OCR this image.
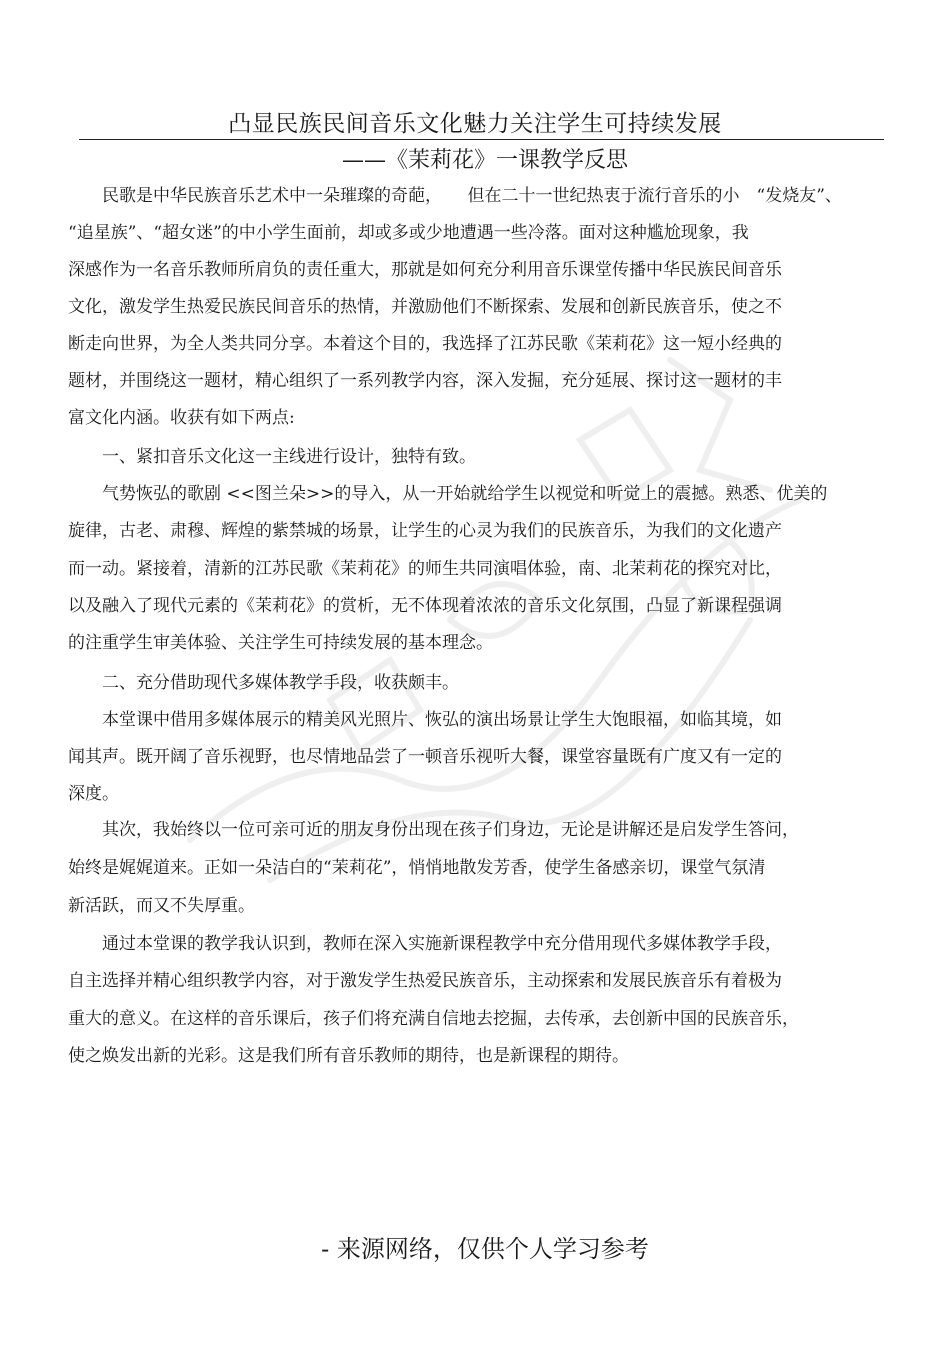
凸显民族民间音乐文化魅力关注学生可持续发展
——《茉莉花》一课教学反思
　　民歌是中华民族音乐艺术中一朵璀璨的奇葩，　　但在二十一世纪热衷于流行音乐的小　“发烧友”、
“追星族”、“超女迷”的中小学生面前，却或多或少地遭遇一些冷落。面对这种尴尬现象，我
深感作为一名音乐教师所肩负的责任重大，那就是如何充分利用音乐课堂传播中华民族民间音乐
文化，激发学生热爱民族民间音乐的热情，并激励他们不断探索、发展和创新民族音乐，使之不
断走向世界，为全人类共同分享。本着这个目的，我选择了江苏民歌《茉莉花》这一短小经典的
题材，并围绕这一题材，精心组织了一系列教学内容，深入发掘，充分延展、探讨这一题材的丰
富文化内涵。收获有如下两点:
　　一、紧扣音乐文化这一主线进行设计，独特有致。
　　气势恢弘的歌剧 <<图兰朵>>的导入，从一开始就给学生以视觉和听觉上的震撼。熟悉、优美的
旋律，古老、肃穆、辉煌的紫禁城的场景，让学生的心灵为我们的民族音乐，为我们的文化遗产
而一动。紧接着，清新的江苏民歌《茉莉花》的师生共同演唱体验，南、北茉莉花的探究对比，
以及融入了现代元素的《茉莉花》的赏析，无不体现着浓浓的音乐文化氛围，凸显了新课程强调
的注重学生审美体验、关注学生可持续发展的基本理念。
　　二、充分借助现代多媒体教学手段，收获颇丰。
　　本堂课中借用多媒体展示的精美风光照片、恢弘的演出场景让学生大饱眼福，如临其境，如
闻其声。既开阔了音乐视野，也尽情地品尝了一顿音乐视听大餐，课堂容量既有广度又有一定的
深度。
　　其次，我始终以一位可亲可近的朋友身份出现在孩子们身边，无论是讲解还是启发学生答问，
始终是娓娓道来。正如一朵洁白的“茉莉花”，悄悄地散发芳香，使学生备感亲切，课堂气氛清
新活跃，而又不失厚重。
　　通过本堂课的教学我认识到，教师在深入实施新课程教学中充分借用现代多媒体教学手段，
自主选择并精心组织教学内容，对于激发学生热爱民族音乐，主动探索和发展民族音乐有着极为
重大的意义。在这样的音乐课后，孩子们将充满自信地去挖掘，去传承，去创新中国的民族音乐，
使之焕发出新的光彩。这是我们所有音乐教师的期待，也是新课程的期待。
- 来源网络，仅供个人学习参考
